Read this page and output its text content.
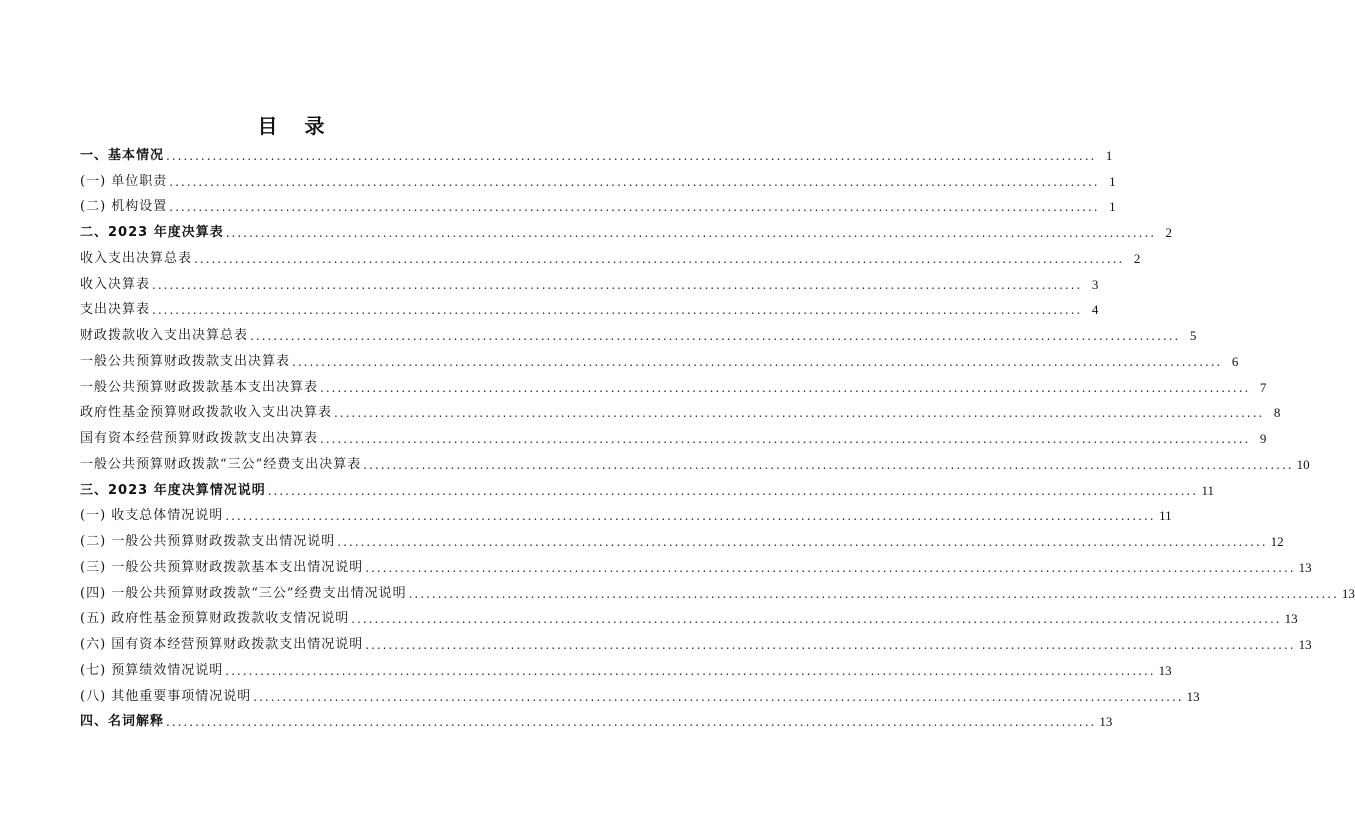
目 录
一、基本情况 ................................................................................................................................................................ 1
(一) 单位职责 ................................................................................................................................................................ 1
(二) 机构设置 ................................................................................................................................................................ 1
二、2023 年度决算表 ................................................................................................................................................................ 2
收入支出决算总表 ................................................................................................................................................................ 2
收入决算表 ................................................................................................................................................................ 3
支出决算表 ................................................................................................................................................................ 4
财政拨款收入支出决算总表 ................................................................................................................................................................ 5
一般公共预算财政拨款支出决算表 ................................................................................................................................................................ 6
一般公共预算财政拨款基本支出决算表 ................................................................................................................................................................ 7
政府性基金预算财政拨款收入支出决算表 ................................................................................................................................................................ 8
国有资本经营预算财政拨款支出决算表 ................................................................................................................................................................ 9
一般公共预算财政拨款“三公”经费支出决算表 ................................................................................................................................................................ 10
三、2023 年度决算情况说明 ................................................................................................................................................................ 11
(一) 收支总体情况说明 ................................................................................................................................................................ 11
(二) 一般公共预算财政拨款支出情况说明 ................................................................................................................................................................ 12
(三) 一般公共预算财政拨款基本支出情况说明 ................................................................................................................................................................ 13
(四) 一般公共预算财政拨款“三公”经费支出情况说明 ................................................................................................................................................................ 13
(五) 政府性基金预算财政拨款收支情况说明 ................................................................................................................................................................ 13
(六) 国有资本经营预算财政拨款支出情况说明 ................................................................................................................................................................ 13
(七) 预算绩效情况说明 ................................................................................................................................................................ 13
(八) 其他重要事项情况说明 ................................................................................................................................................................ 13
四、名词解释 ................................................................................................................................................................ 13
